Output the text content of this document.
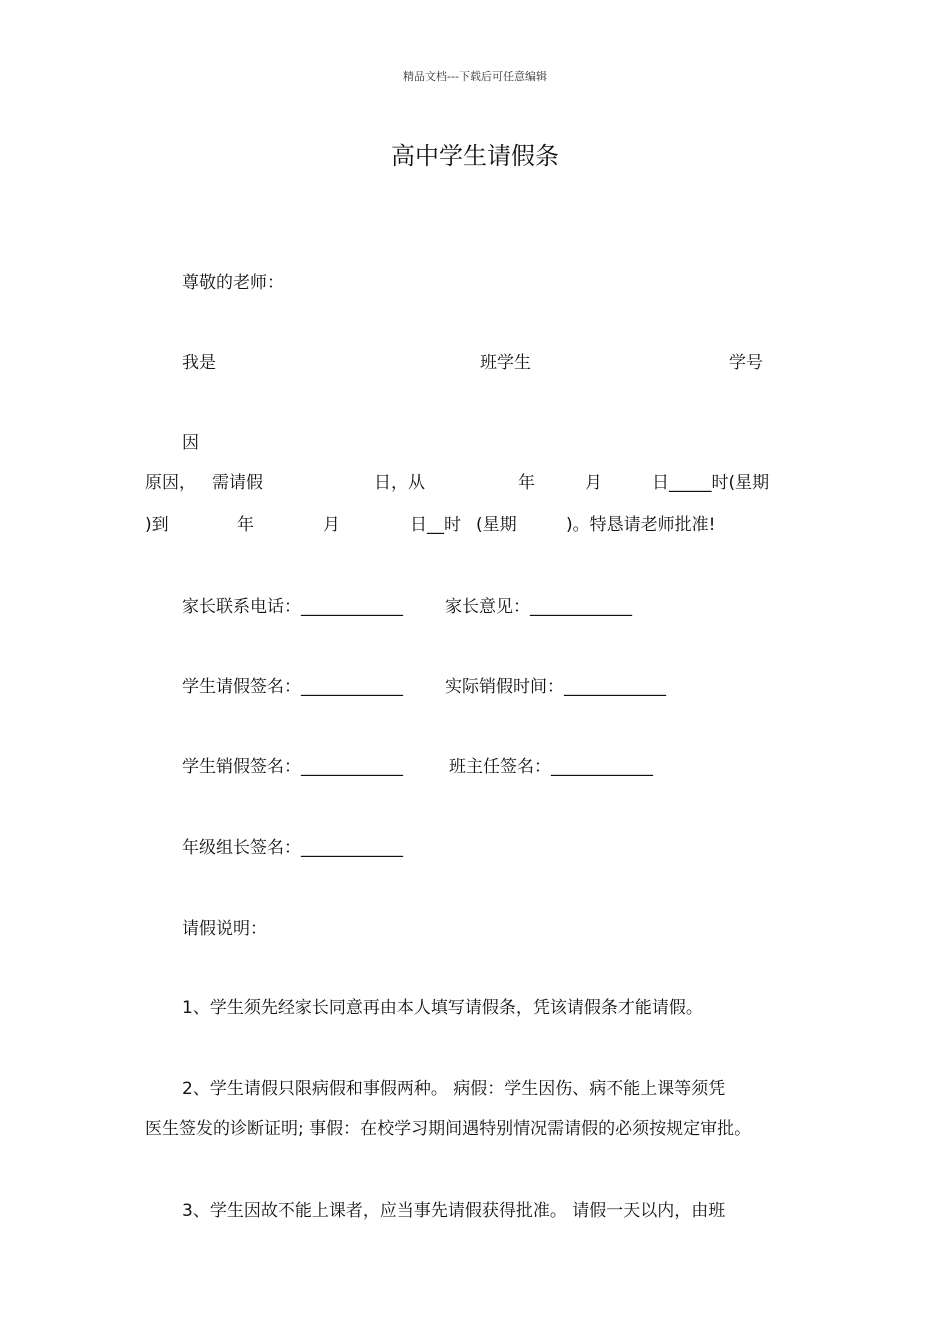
精品文档---下载后可任意编辑
高中学生请假条
尊敬的老师：
我是	班学生	学号
因
原因， 需请假	日，从	年	月	日_____时(星期
)到	年	月	日__时 (星期	)。特恳请老师批准!
家长联系电话：____________ 家长意见：____________
学生请假签名：____________ 实际销假时间：____________
学生销假签名：____________	班主任签名：____________
年级组长签名：____________
请假说明：
1、学生须先经家长同意再由本人填写请假条，凭该请假条才能请假。
2、学生请假只限病假和事假两种。 病假：学生因伤、病不能上课等须凭
医生签发的诊断证明; 事假：在校学习期间遇特别情况需请假的必须按规定审批。
3、学生因故不能上课者，应当事先请假获得批准。 请假一天以内，由班
